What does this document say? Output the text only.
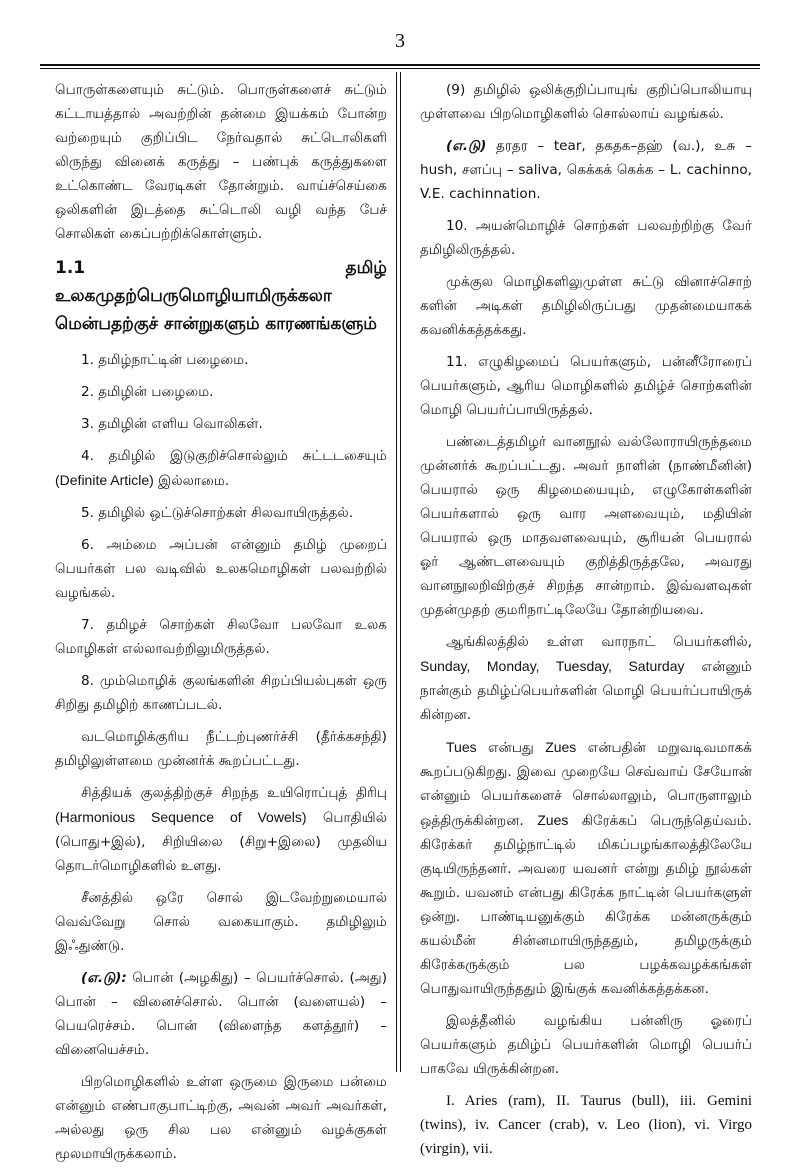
3

பொருள்களையும் சுட்டும். பொருள்களைச் சுட்டும் கட்டாயத்தால் அவற்றின் தன்மை இயக்கம் போன்ற வற்றையும் குறிப்பிட நேர்வதால் சுட்டொலிகளி லிருந்து வினைக் கருத்து – பண்புக் கருத்துகளை உட்கொண்ட வேரடிகள் தோன்றும். வாய்ச்செய்கை ஒலிகளின் இடத்தை சுட்டொலி வழி வந்த பேச் சொலிகள் கைப்பற்றிக்கொள்ளும்.

1.1 தமிழ் உலகமுதற்பெருமொழியாமிருக்கலா மென்பதற்குச் சான்றுகளும் காரணங்களும்

1. தமிழ்நாட்டின் பழைமை.

2. தமிழின் பழைமை.

3. தமிழின் எளிய வொலிகள்.

4. தமிழில் இடுகுறிச்சொல்லும் சுட்டடசையும் (Definite Article) இல்லாமை.

5. தமிழில் ஒட்டுச்சொற்கள் சிலவாயிருத்தல்.

6. அம்மை அப்பன் என்னும் தமிழ் முறைப் பெயர்கள் பல வடிவில் உலகமொழிகள் பலவற்றில் வழங்கல்.

7. தமிழச் சொற்கள் சிலவோ பலவோ உலக மொழிகள் எல்லாவற்றிலுமிருத்தல்.

8. மும்மொழிக் குலங்களின் சிறப்பியல்புகள் ஒரு சிறிது தமிழிற் காணப்படல்.

வடமொழிக்குரிய நீட்டற்புணர்ச்சி (தீர்க்கசந்தி) தமிழிலுள்ளமை முன்னர்க் கூறப்பட்டது.

சித்தியக் குலத்திற்குச் சிறந்த உயிரொப்புத் திரிபு (Harmonious Sequence of Vowels) பொதியில் (பொது+இல்), சிறியிலை (சிறு+இலை) முதலிய தொடர்மொழிகளில் உளது.

சீனத்தில் ஒரே சொல் இடவேற்றுமையால் வெவ்வேறு சொல் வகையாகும். தமிழிலும் இஃதுண்டு.

(எ.டு): பொன் (அழகிது) – பெயர்ச்சொல். (அது) பொன் – வினைச்சொல். பொன் (வளையல்) – பெயரெச்சம். பொன் (விளைந்த களத்தூர்) – வினையெச்சம்.

பிறமொழிகளில் உள்ள ஒருமை இருமை பன்மை என்னும் எண்பாகுபாட்டிற்கு, அவன் அவர் அவர்கள், அல்லது ஒரு சில பல என்னும் வழக்குகள் மூலமாயிருக்கலாம்.

(9) தமிழில் ஒலிக்குறிப்பாயுங் குறிப்பொலியாயு முள்ளவை பிறமொழிகளில் சொல்லாய் வழங்கல்.

(எ.டு) தரதர – tear, தகதக–தஹ் (வ.), உசு – hush, சளப்பு – saliva, கெக்கக் கெக்க – L. cachinno, V.E. cachinnation.

10. அயன்மொழிச் சொற்கள் பலவற்றிற்கு வேர் தமிழிலிருத்தல்.

முக்குல மொழிகளிலுமுள்ள சுட்டு வினாச்சொற் களின் அடிகள் தமிழிலிருப்பது முதன்மையாகக் கவனிக்கத்தக்கது.

11. எழுகிழமைப் பெயர்களும், பன்னீரோரைப் பெயர்களும், ஆரிய மொழிகளில் தமிழ்ச் சொற்களின் மொழி பெயர்ப்பாயிருத்தல்.

பண்டைத்தமிழர் வானநூல் வல்லோராயிருந்தமை முன்னர்க் கூறப்பட்டது. அவர் நாளின் (நாண்மீனின்) பெயரால் ஒரு கிழமையையும், எழுகோள்களின் பெயர்களால் ஒரு வார அளவையும், மதியின் பெயரால் ஒரு மாதவளவையும், சூரியன் பெயரால் ஓர் ஆண்டளவையும் குறித்திருத்தலே, அவரது வானநூலறிவிற்குச் சிறந்த சான்றாம். இவ்வளவுகள் முதன்முதற் குமரிநாட்டிலேயே தோன்றியவை.

ஆங்கிலத்தில் உள்ள வாரநாட் பெயர்களில், Sunday, Monday, Tuesday, Saturday என்னும் நான்கும் தமிழ்ப்பெயர்களின் மொழி பெயர்ப்பாயிருக் கின்றன.

Tues என்பது Zues என்பதின் மறுவடிவமாகக் கூறப்படுகிறது. இவை முறையே செவ்வாய் சேயோன் என்னும் பெயர்களைச் சொல்லாலும், பொருளாலும் ஒத்திருக்கின்றன. Zues கிரேக்கப் பெருந்தெய்வம். கிரேக்கர் தமிழ்நாட்டில் மிகப்பழங்காலத்திலேயே குடியிருந்தனர். அவரை யவனர் என்று தமிழ் நூல்கள் கூறும். யவனம் என்பது கிரேக்க நாட்டின் பெயர்களுள் ஒன்று. பாண்டியனுக்கும் கிரேக்க மன்னருக்கும் கயல்மீன் சின்னமாயிருந்ததும், தமிழருக்கும் கிரேக்கருக்கும் பல பழக்கவழக்கங்கள் பொதுவாயிருந்ததும் இங்குக் கவனிக்கத்தக்கன.

இலத்தீனில் வழங்கிய பன்னிரு ஓரைப் பெயர்களும் தமிழ்ப் பெயர்களின் மொழி பெயர்ப் பாகவே யிருக்கின்றன.

I. Aries (ram), II. Taurus (bull), iii. Gemini (twins), iv. Cancer (crab), v. Leo (lion), vi. Virgo (virgin), vii.
